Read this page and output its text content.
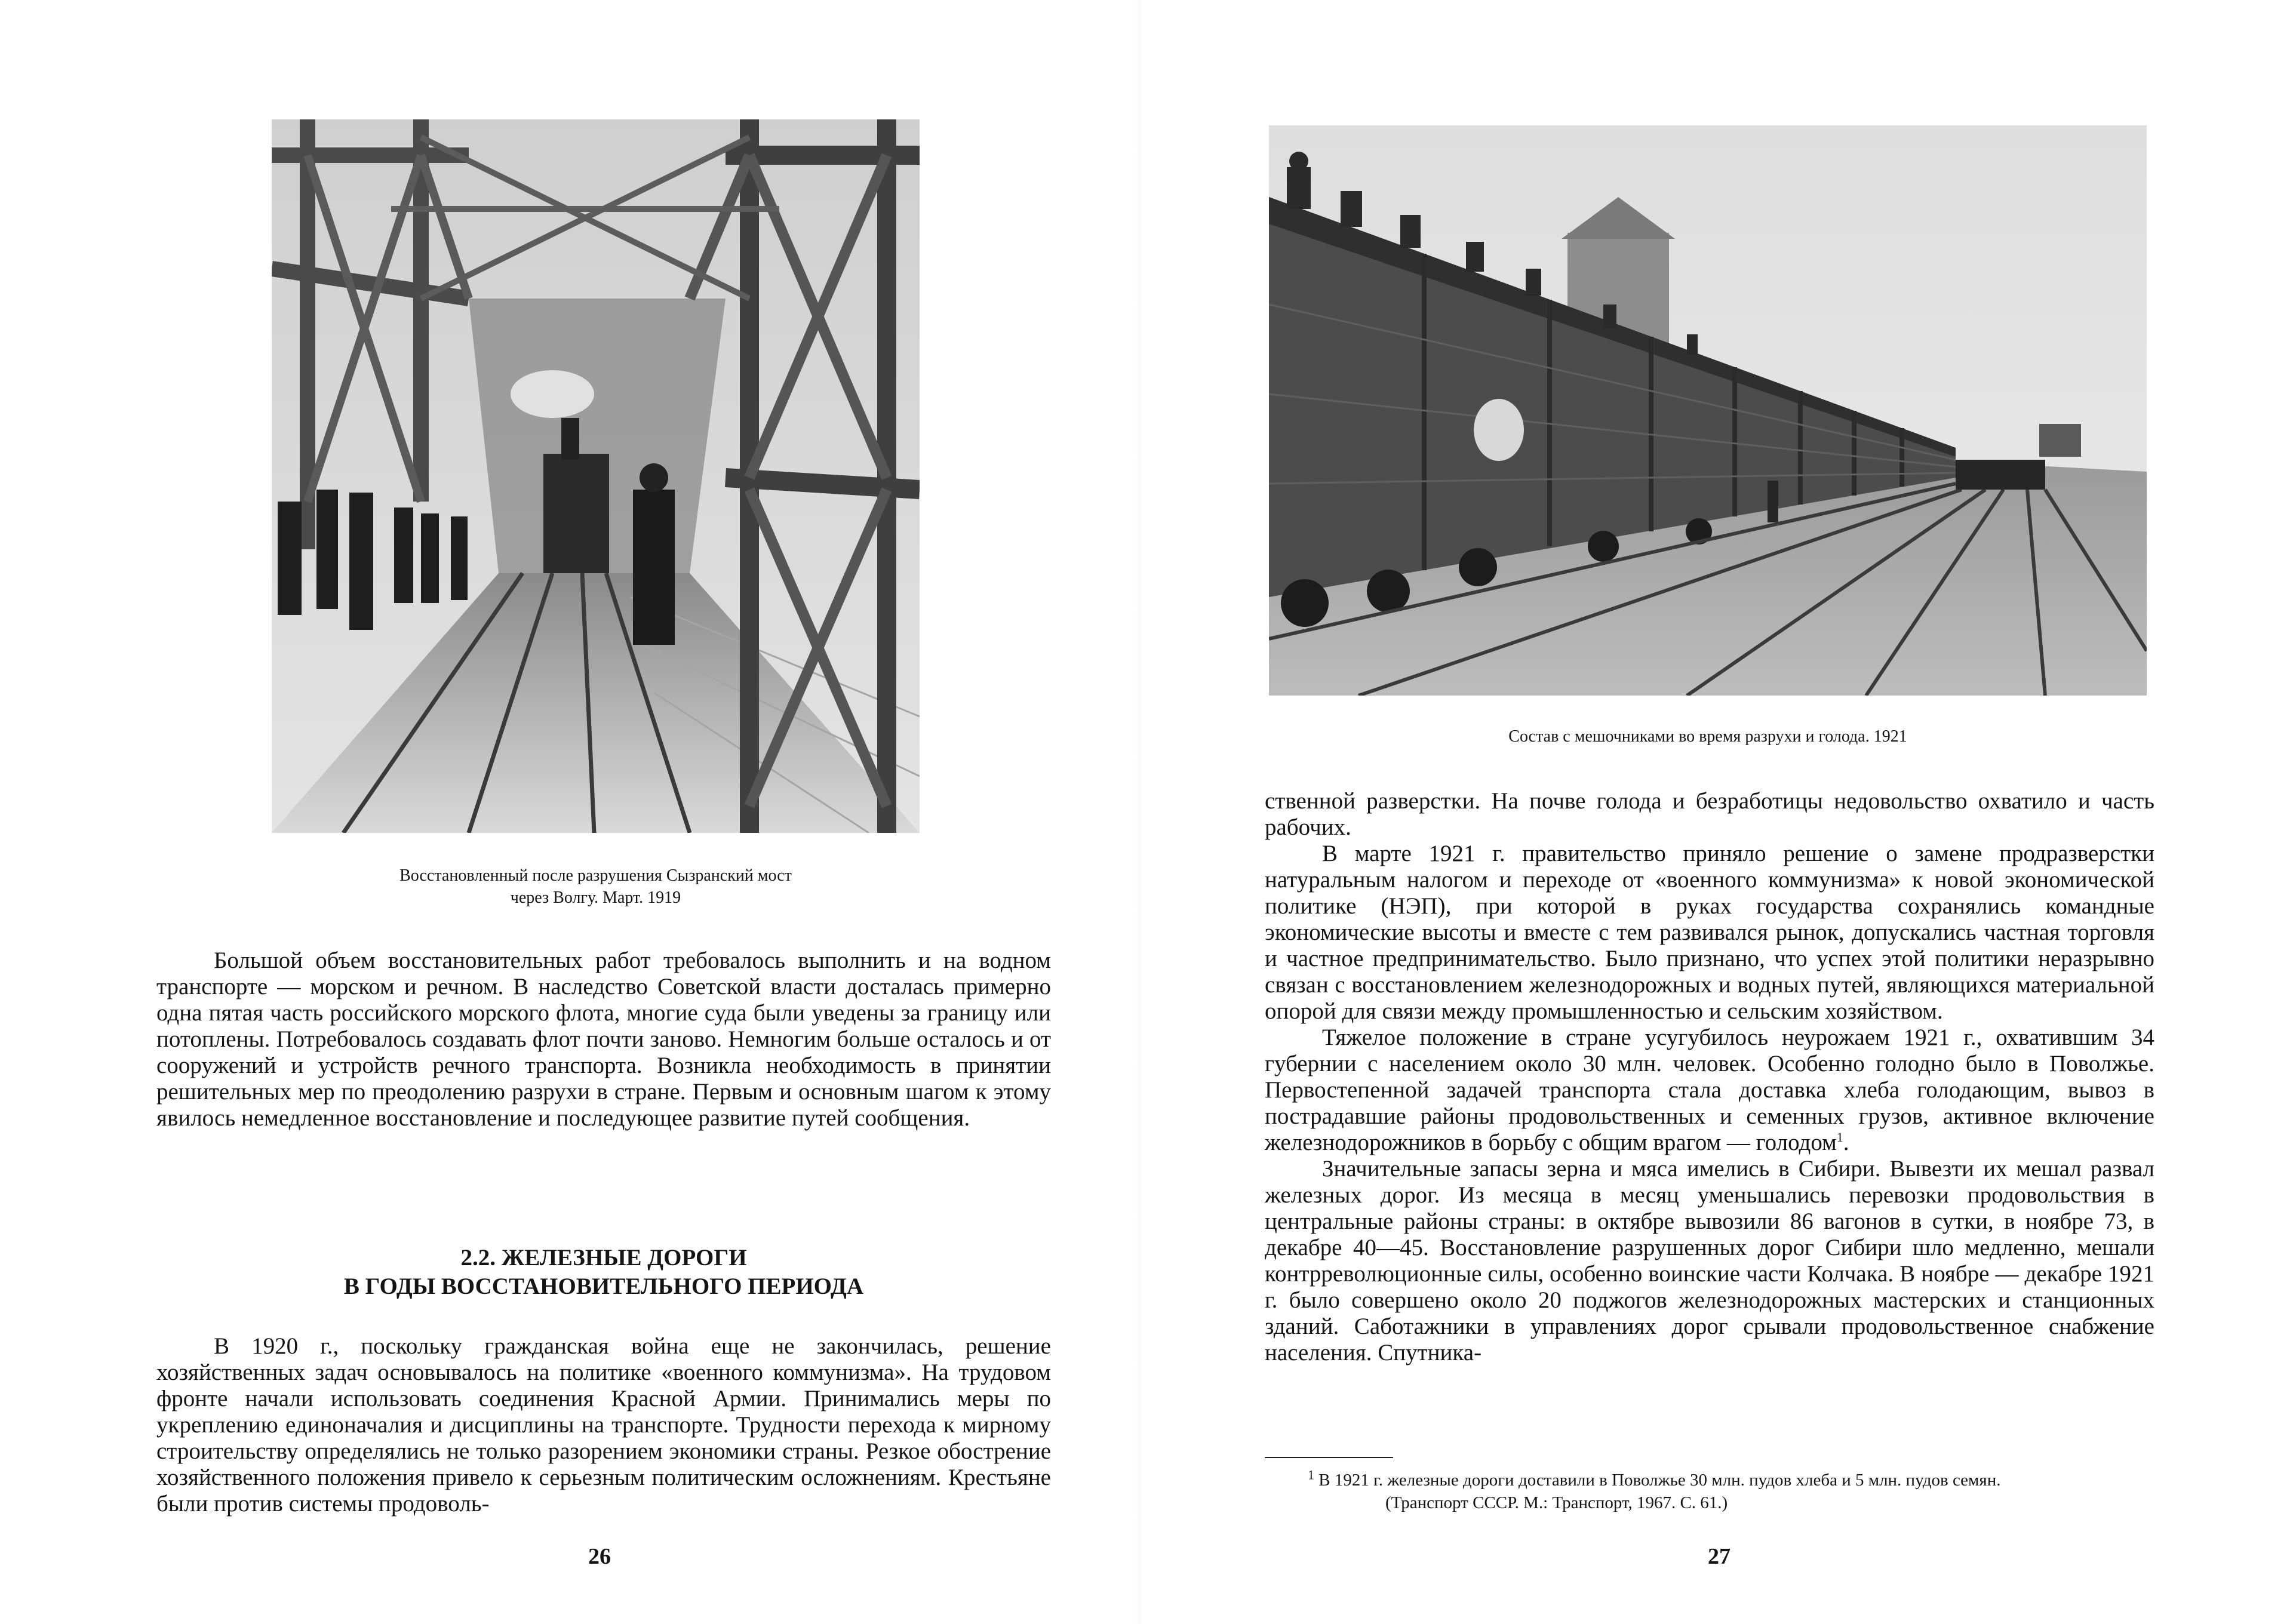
Восстановленный после разрушения Сызранский мост
через Волгу. Март. 1919

Большой объем восстановительных работ требовалось выполнить и на водном транспорте — морском и речном. В наследство Советской власти досталась примерно одна пятая часть российского морского флота, многие суда были уведены за границу или потоплены. Потребовалось создавать флот почти заново. Немногим больше осталось и от сооружений и устройств речного транспорта. Возникла необходимость в принятии решительных мер по преодолению разрухи в стране. Первым и основным шагом к этому явилось немедленное восстановление и последующее развитие путей сообщения.

2.2. ЖЕЛЕЗНЫЕ ДОРОГИ
В ГОДЫ ВОССТАНОВИТЕЛЬНОГО ПЕРИОДА

В 1920 г., поскольку гражданская война еще не закончилась, решение хозяйственных задач основывалось на политике «военного коммунизма». На трудовом фронте начали использовать соединения Красной Армии. Принимались меры по укреплению единоначалия и дисциплины на транспорте. Трудности перехода к мирному строительству определялись не только разорением экономики страны. Резкое обострение хозяйственного положения привело к серьезным политическим осложнениям. Крестьяне были против системы продоволь-

26
Состав с мешочниками во время разрухи и голода. 1921

ственной разверстки. На почве голода и безработицы недовольство охватило и часть рабочих.

В марте 1921 г. правительство приняло решение о замене продразверстки натуральным налогом и переходе от «военного коммунизма» к новой экономической политике (НЭП), при которой в руках государства сохранялись командные экономические высоты и вместе с тем развивался рынок, допускались частная торговля и частное предпринимательство. Было признано, что успех этой политики неразрывно связан с восстановлением железнодорожных и водных путей, являющихся материальной опорой для связи между промышленностью и сельским хозяйством.

Тяжелое положение в стране усугубилось неурожаем 1921 г., охватившим 34 губернии с населением около 30 млн. человек. Особенно голодно было в Поволжье. Первостепенной задачей транспорта стала доставка хлеба голодающим, вывоз в пострадавшие районы продовольственных и семенных грузов, активное включение железнодорожников в борьбу с общим врагом — голодом$^1$.

Значительные запасы зерна и мяса имелись в Сибири. Вывезти их мешал развал железных дорог. Из месяца в месяц уменьшались перевозки продовольствия в центральные районы страны: в октябре вывозили 86 вагонов в сутки, в ноябре 73, в декабре 40—45. Восстановление разрушенных дорог Сибири шло медленно, мешали контрреволюционные силы, особенно воинские части Колчака. В ноябре — декабре 1921 г. было совершено около 20 поджогов железнодорожных мастерских и станционных зданий. Саботажники в управлениях дорог срывали продовольственное снабжение населения. Спутника-

$^1$ В 1921 г. железные дороги доставили в Поволжье 30 млн. пудов хлеба и 5 млн. пудов семян.
(Транспорт СССР. М.: Транспорт, 1967. С. 61.)
27
